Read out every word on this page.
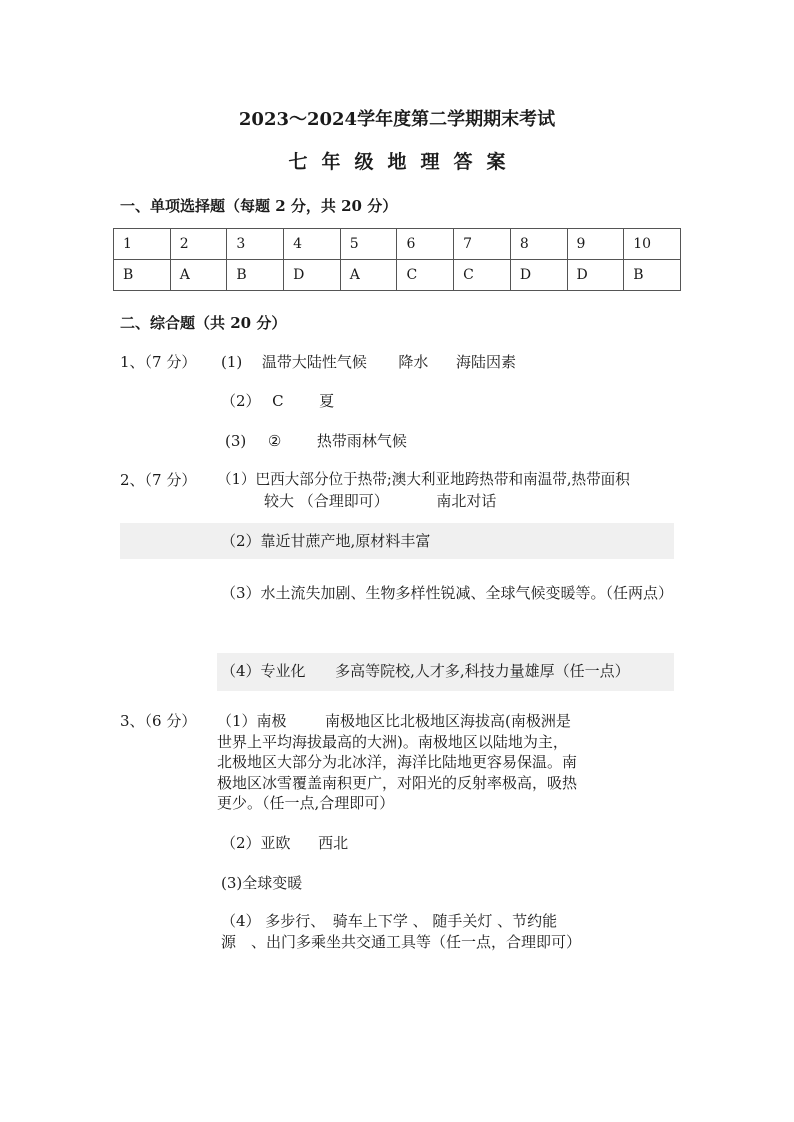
2023～2024学年度第二学期期末考试
七年级地理答案
一、单项选择题（每题 2 分，共 20 分）
1	2	3	4	5	6	7	8	9	10
B	A	B	D	A	C	C	D	D	B
二、综合题（共 20 分）
1、（7 分） (1) 温带大陆性气候 降水 海陆因素
（2） C 夏
(3) ② 热带雨林气候
2、（7 分） （1）巴西大部分位于热带;澳大利亚地跨热带和南温带,热带面积
较大 （合理即可）	南北对话
（2）靠近甘蔗产地,原材料丰富
（3）水土流失加剧、生物多样性锐减、全球气候变暖等。（任两点）
（4）专业化 多高等院校,人才多,科技力量雄厚（任一点）
3、（6 分） （1）南极	南极地区比北极地区海拔高(南极洲是世界上平均海拔最高的大洲)。南极地区以陆地为主，北极地区大部分为北冰洋，海洋比陆地更容易保温。南极地区冰雪覆盖南积更广，对阳光的反射率极高，吸热更少。（任一点,合理即可）
（2）亚欧 西北
(3)全球变暖
（4） 多步行、　骑车上下学 、 随手关灯 、节约能源　、出门多乘坐共交通工具等（任一点，合理即可）
